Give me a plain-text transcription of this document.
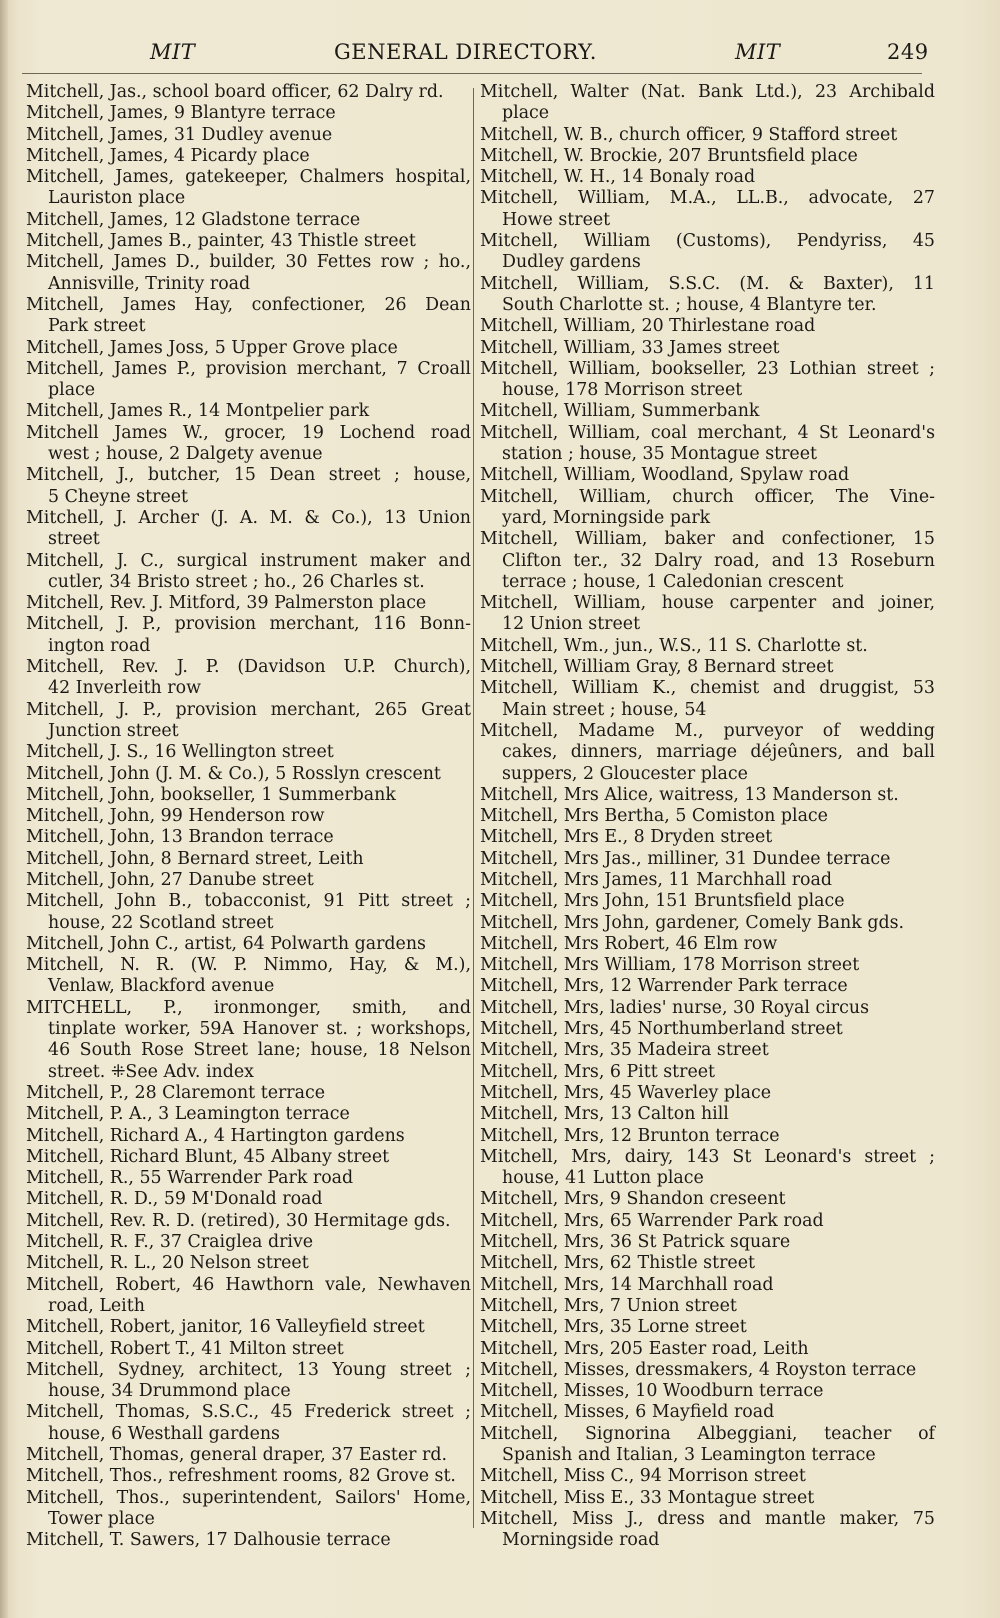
MIT	GENERAL DIRECTORY.	MIT	249
Mitchell, Jas., school board officer, 62 Dalry rd.
Mitchell, James, 9 Blantyre terrace
Mitchell, James, 31 Dudley avenue
Mitchell, James, 4 Picardy place
Mitchell, James, gatekeeper, Chalmers hospital,
Lauriston place
Mitchell, James, 12 Gladstone terrace
Mitchell, James B., painter, 43 Thistle street
Mitchell, James D., builder, 30 Fettes row ; ho.,
Annisville, Trinity road
Mitchell, James Hay, confectioner, 26 Dean
Park street
Mitchell, James Joss, 5 Upper Grove place
Mitchell, James P., provision merchant, 7 Croall
place
Mitchell, James R., 14 Montpelier park
Mitchell James W., grocer, 19 Lochend road
west ; house, 2 Dalgety avenue
Mitchell, J., butcher, 15 Dean street ; house,
5 Cheyne street
Mitchell, J. Archer (J. A. M. & Co.), 13 Union
street
Mitchell, J. C., surgical instrument maker and
cutler, 34 Bristo street ; ho., 26 Charles st.
Mitchell, Rev. J. Mitford, 39 Palmerston place
Mitchell, J. P., provision merchant, 116 Bonn-
ington road
Mitchell, Rev. J. P. (Davidson U.P. Church),
42 Inverleith row
Mitchell, J. P., provision merchant, 265 Great
Junction street
Mitchell, J. S., 16 Wellington street
Mitchell, John (J. M. & Co.), 5 Rosslyn crescent
Mitchell, John, bookseller, 1 Summerbank
Mitchell, John, 99 Henderson row
Mitchell, John, 13 Brandon terrace
Mitchell, John, 8 Bernard street, Leith
Mitchell, John, 27 Danube street
Mitchell, John B., tobacconist, 91 Pitt street ;
house, 22 Scotland street
Mitchell, John C., artist, 64 Polwarth gardens
Mitchell, N. R. (W. P. Nimmo, Hay, & M.),
Venlaw, Blackford avenue
MITCHELL, P., ironmonger, smith, and
tinplate worker, 59A Hanover st. ; workshops,
46 South Rose Street lane; house, 18 Nelson
street. ⁜See Adv. index
Mitchell, P., 28 Claremont terrace
Mitchell, P. A., 3 Leamington terrace
Mitchell, Richard A., 4 Hartington gardens
Mitchell, Richard Blunt, 45 Albany street
Mitchell, R., 55 Warrender Park road
Mitchell, R. D., 59 M'Donald road
Mitchell, Rev. R. D. (retired), 30 Hermitage gds.
Mitchell, R. F., 37 Craiglea drive
Mitchell, R. L., 20 Nelson street
Mitchell, Robert, 46 Hawthorn vale, Newhaven
road, Leith
Mitchell, Robert, janitor, 16 Valleyfield street
Mitchell, Robert T., 41 Milton street
Mitchell, Sydney, architect, 13 Young street ;
house, 34 Drummond place
Mitchell, Thomas, S.S.C., 45 Frederick street ;
house, 6 Westhall gardens
Mitchell, Thomas, general draper, 37 Easter rd.
Mitchell, Thos., refreshment rooms, 82 Grove st.
Mitchell, Thos., superintendent, Sailors' Home,
Tower place
Mitchell, T. Sawers, 17 Dalhousie terrace
Mitchell, Walter (Nat. Bank Ltd.), 23 Archibald
place
Mitchell, W. B., church officer, 9 Stafford street
Mitchell, W. Brockie, 207 Bruntsfield place
Mitchell, W. H., 14 Bonaly road
Mitchell, William, M.A., LL.B., advocate, 27
Howe street
Mitchell, William (Customs), Pendyriss, 45
Dudley gardens
Mitchell, William, S.S.C. (M. & Baxter), 11
South Charlotte st. ; house, 4 Blantyre ter.
Mitchell, William, 20 Thirlestane road
Mitchell, William, 33 James street
Mitchell, William, bookseller, 23 Lothian street ;
house, 178 Morrison street
Mitchell, William, Summerbank
Mitchell, William, coal merchant, 4 St Leonard's
station ; house, 35 Montague street
Mitchell, William, Woodland, Spylaw road
Mitchell, William, church officer, The Vine-
yard, Morningside park
Mitchell, William, baker and confectioner, 15
Clifton ter., 32 Dalry road, and 13 Roseburn
terrace ; house, 1 Caledonian crescent
Mitchell, William, house carpenter and joiner,
12 Union street
Mitchell, Wm., jun., W.S., 11 S. Charlotte st.
Mitchell, William Gray, 8 Bernard street
Mitchell, William K., chemist and druggist, 53
Main street ; house, 54
Mitchell, Madame M., purveyor of wedding
cakes, dinners, marriage déjeûners, and ball
suppers, 2 Gloucester place
Mitchell, Mrs Alice, waitress, 13 Manderson st.
Mitchell, Mrs Bertha, 5 Comiston place
Mitchell, Mrs E., 8 Dryden street
Mitchell, Mrs Jas., milliner, 31 Dundee terrace
Mitchell, Mrs James, 11 Marchhall road
Mitchell, Mrs John, 151 Bruntsfield place
Mitchell, Mrs John, gardener, Comely Bank gds.
Mitchell, Mrs Robert, 46 Elm row
Mitchell, Mrs William, 178 Morrison street
Mitchell, Mrs, 12 Warrender Park terrace
Mitchell, Mrs, ladies' nurse, 30 Royal circus
Mitchell, Mrs, 45 Northumberland street
Mitchell, Mrs, 35 Madeira street
Mitchell, Mrs, 6 Pitt street
Mitchell, Mrs, 45 Waverley place
Mitchell, Mrs, 13 Calton hill
Mitchell, Mrs, 12 Brunton terrace
Mitchell, Mrs, dairy, 143 St Leonard's street ;
house, 41 Lutton place
Mitchell, Mrs, 9 Shandon creseent
Mitchell, Mrs, 65 Warrender Park road
Mitchell, Mrs, 36 St Patrick square
Mitchell, Mrs, 62 Thistle street
Mitchell, Mrs, 14 Marchhall road
Mitchell, Mrs, 7 Union street
Mitchell, Mrs, 35 Lorne street
Mitchell, Mrs, 205 Easter road, Leith
Mitchell, Misses, dressmakers, 4 Royston terrace
Mitchell, Misses, 10 Woodburn terrace
Mitchell, Misses, 6 Mayfield road
Mitchell, Signorina Albeggiani, teacher of
Spanish and Italian, 3 Leamington terrace
Mitchell, Miss C., 94 Morrison street
Mitchell, Miss E., 33 Montague street
Mitchell, Miss J., dress and mantle maker, 75
Morningside road
